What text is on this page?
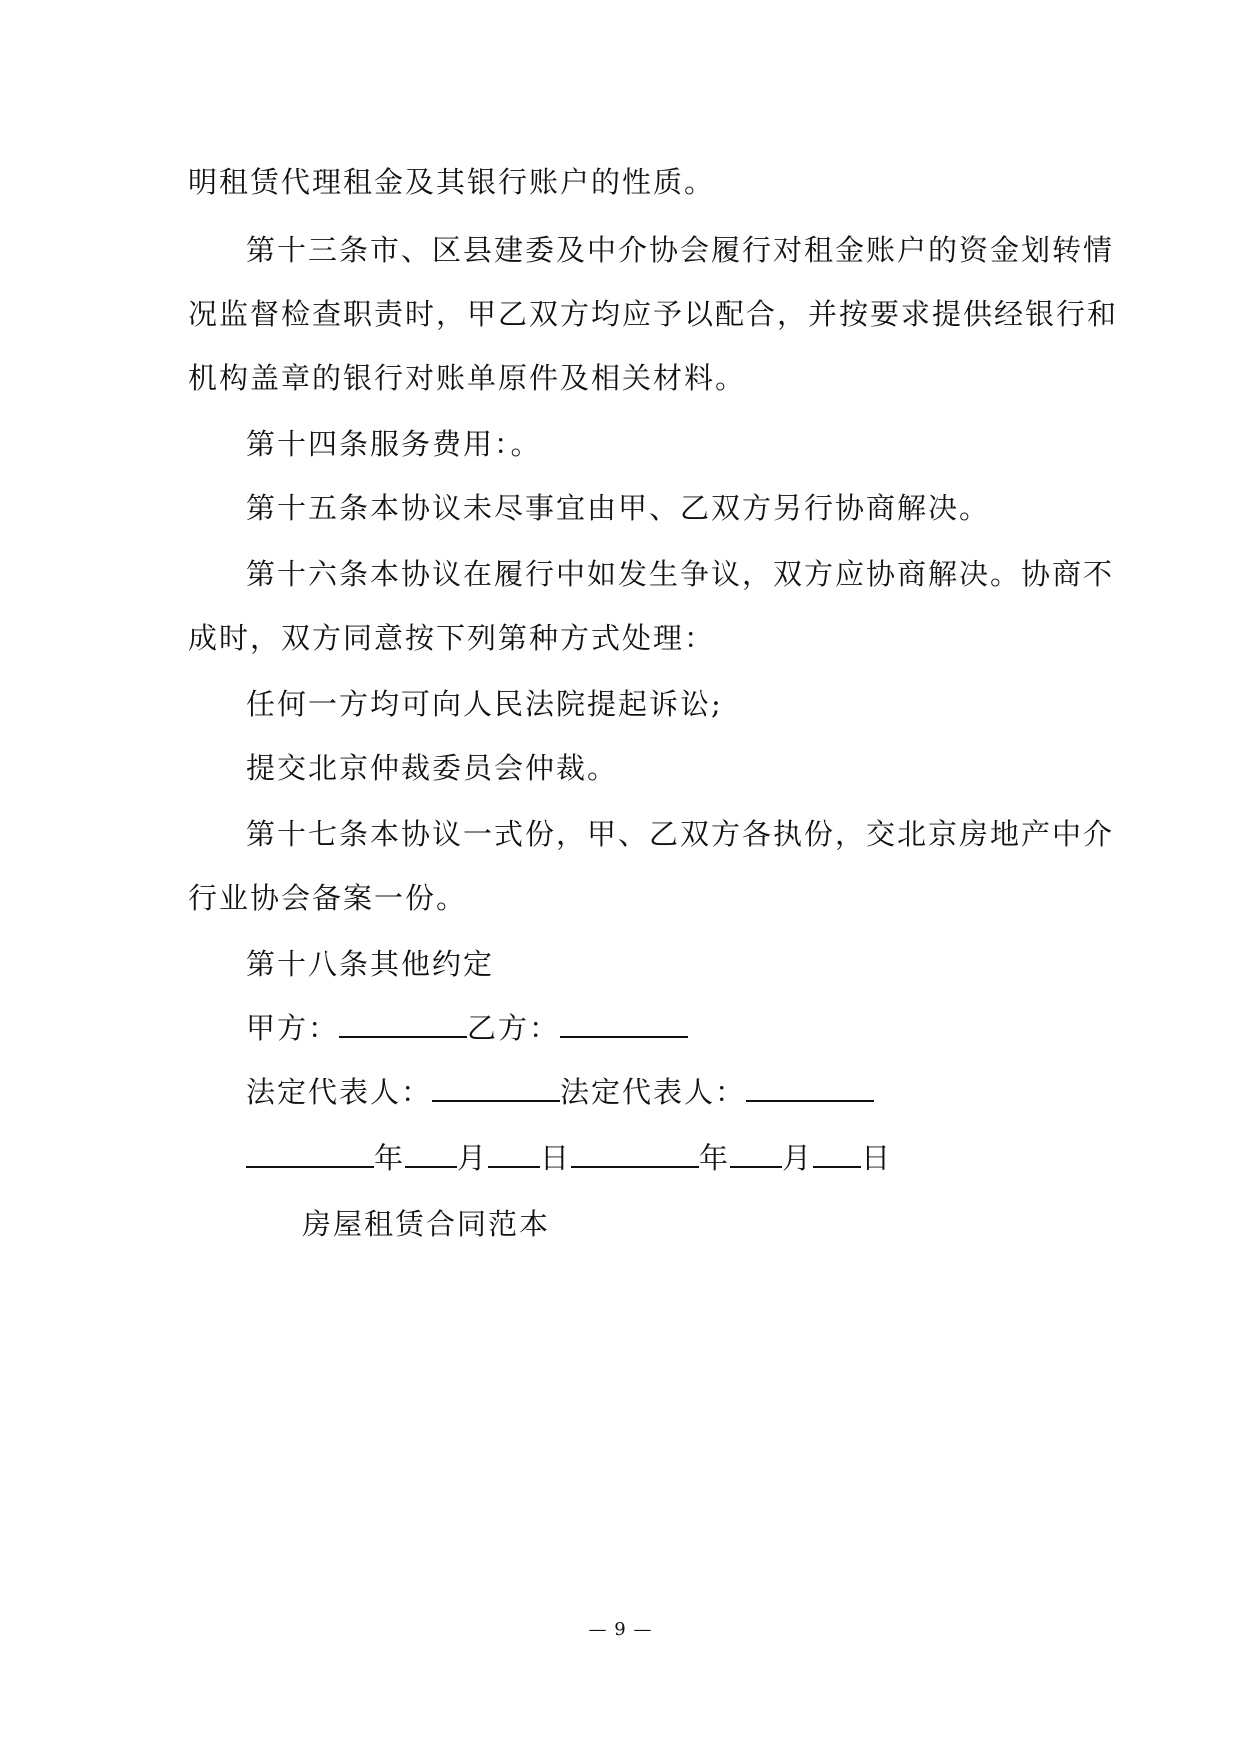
明租赁代理租金及其银行账户的性质。
第十三条市、区县建委及中介协会履行对租金账户的资金划转情
况监督检查职责时，甲乙双方均应予以配合，并按要求提供经银行和
机构盖章的银行对账单原件及相关材料。
第十四条服务费用：。
第十五条本协议未尽事宜由甲、乙双方另行协商解决。
第十六条本协议在履行中如发生争议，双方应协商解决。协商不
成时，双方同意按下列第种方式处理：
任何一方均可向人民法院提起诉讼;
提交北京仲裁委员会仲裁。
第十七条本协议一式份，甲、乙双方各执份，交北京房地产中介
行业协会备案一份。
第十八条其他约定
甲方：	乙方：
法定代表人：	法定代表人：
年 月 日	年 月 日
房屋租赁合同范本
— 9 —
